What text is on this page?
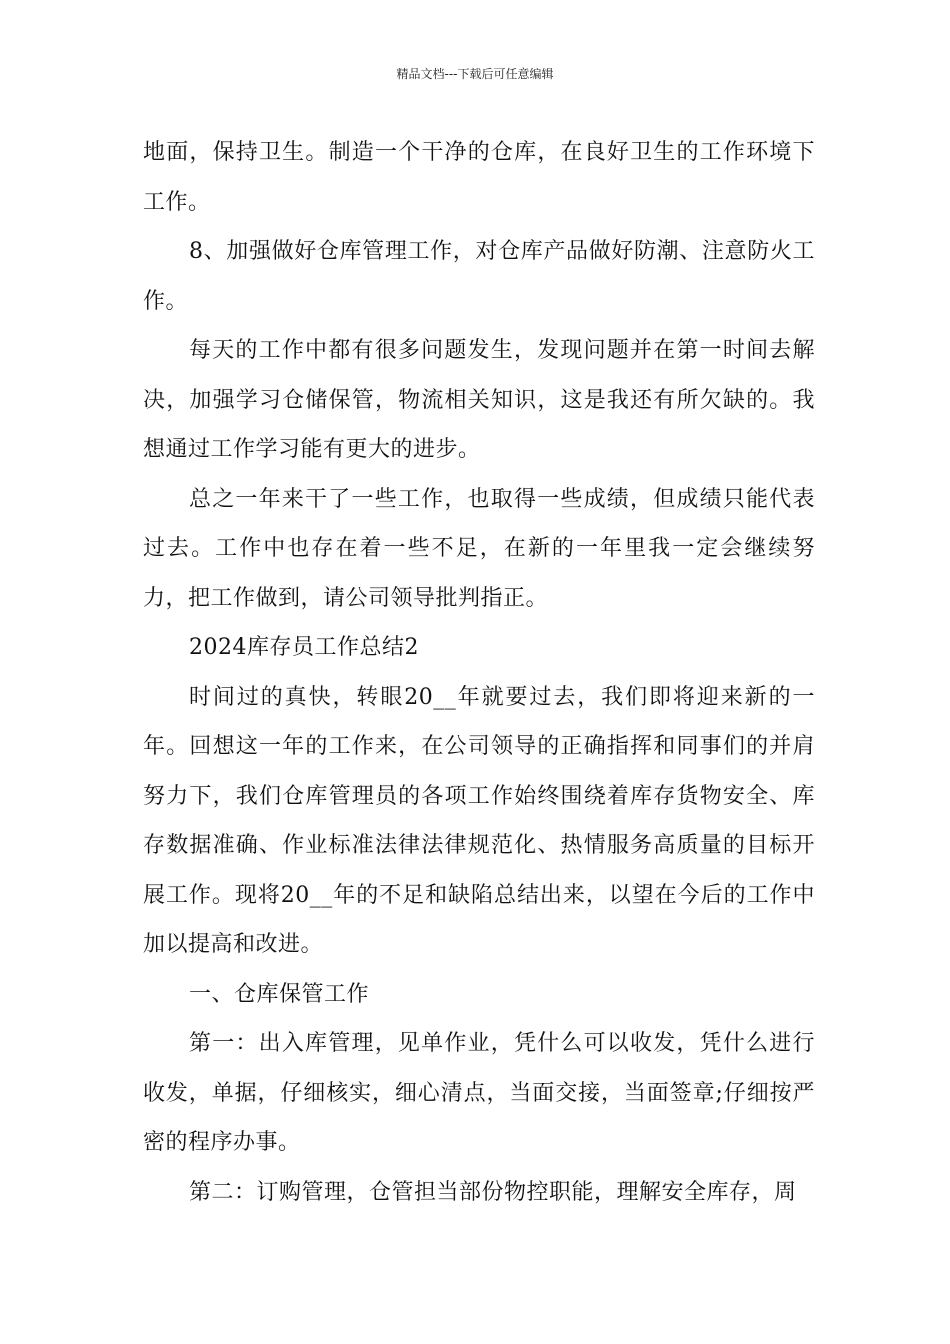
精品文档---下载后可任意编辑

地面，保持卫生。制造一个干净的仓库，在良好卫生的工作环境下工作。

8、加强做好仓库管理工作，对仓库产品做好防潮、注意防火工作。

每天的工作中都有很多问题发生，发现问题并在第一时间去解决，加强学习仓储保管，物流相关知识，这是我还有所欠缺的。我想通过工作学习能有更大的进步。

总之一年来干了一些工作，也取得一些成绩，但成绩只能代表过去。工作中也存在着一些不足，在新的一年里我一定会继续努力，把工作做到，请公司领导批判指正。

2024库存员工作总结2

时间过的真快，转眼20__年就要过去，我们即将迎来新的一年。回想这一年的工作来，在公司领导的正确指挥和同事们的并肩努力下，我们仓库管理员的各项工作始终围绕着库存货物安全、库存数据准确、作业标准法律法律规范化、热情服务高质量的目标开展工作。现将20__年的不足和缺陷总结出来，以望在今后的工作中加以提高和改进。

一、仓库保管工作

第一：出入库管理，见单作业，凭什么可以收发，凭什么进行收发，单据，仔细核实，细心清点，当面交接，当面签章;仔细按严密的程序办事。

第二：订购管理，仓管担当部份物控职能，理解安全库存，周
